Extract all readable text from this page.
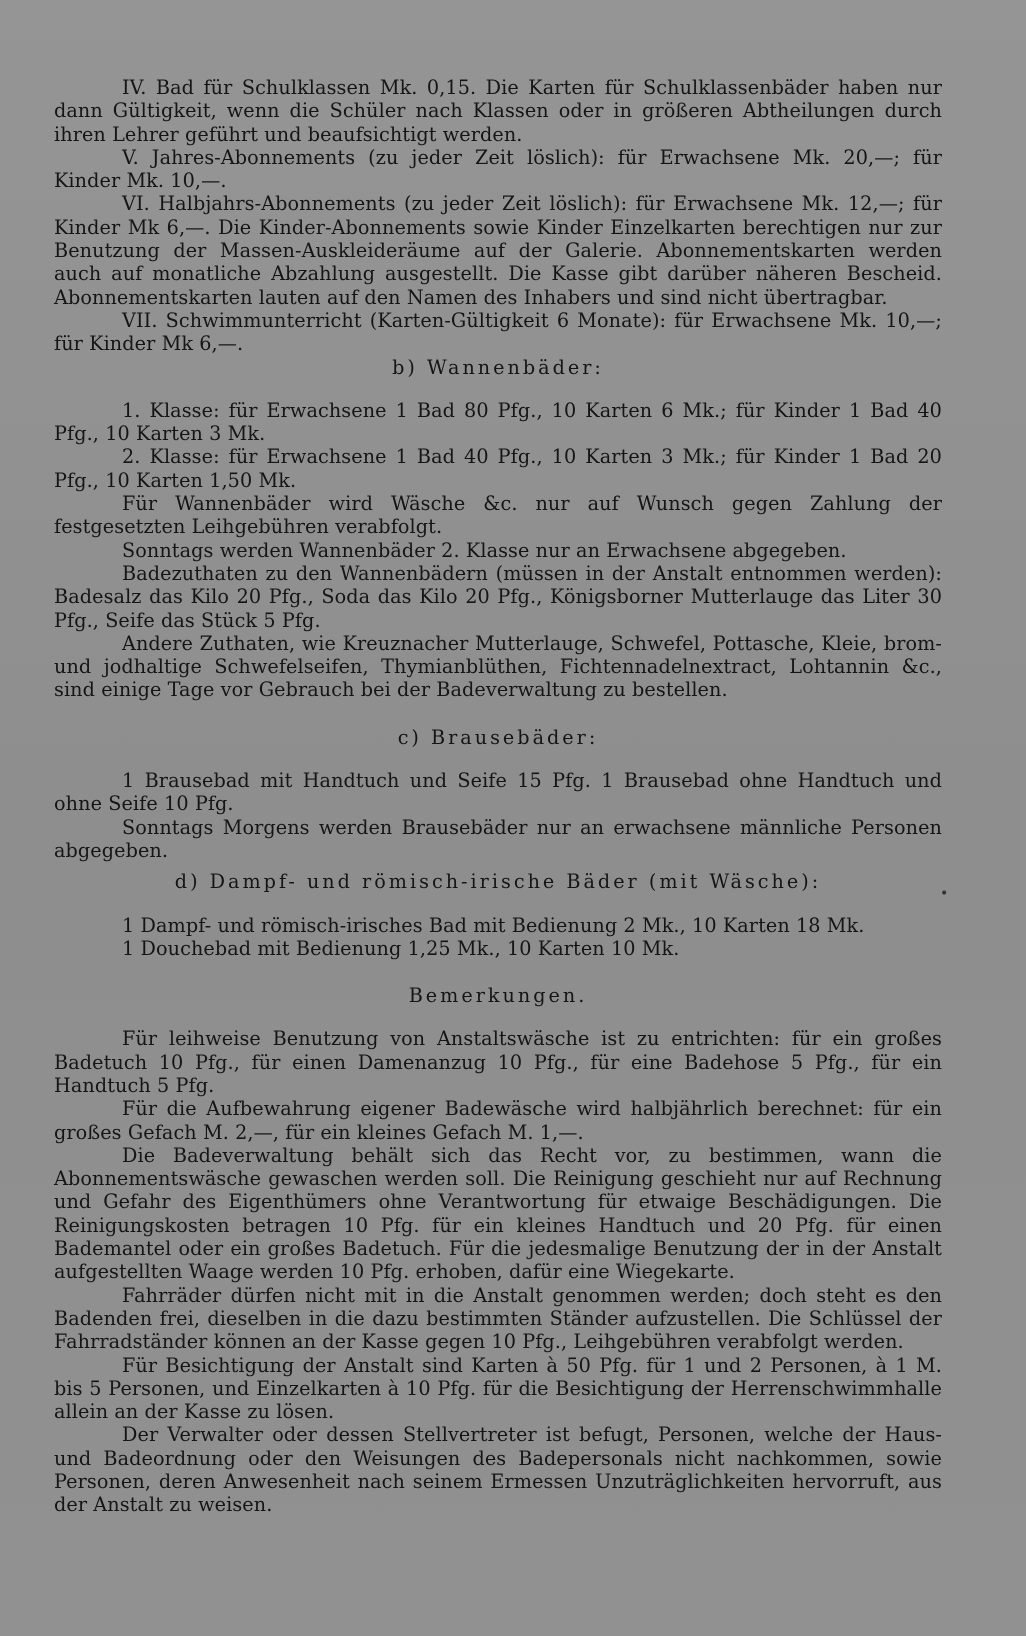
IV. Bad für Schulklassen Mk. 0,15. Die Karten für Schulklassenbäder haben nur dann Gültigkeit, wenn die Schüler nach Klassen oder in größeren Abtheilungen durch ihren Lehrer geführt und beaufsichtigt werden.

V. Jahres-Abonnements (zu jeder Zeit löslich): für Erwachsene Mk. 20,—; für Kinder Mk. 10,—.

VI. Halbjahrs-Abonnements (zu jeder Zeit löslich): für Erwachsene Mk. 12,—; für Kinder Mk 6,—. Die Kinder-Abonnements sowie Kinder Einzelkarten berechtigen nur zur Benutzung der Massen-Auskleideräume auf der Galerie. Abonnementskarten werden auch auf monatliche Abzahlung ausgestellt. Die Kasse gibt darüber näheren Bescheid. Abonnementskarten lauten auf den Namen des Inhabers und sind nicht übertragbar.

VII. Schwimmunterricht (Karten-Gültigkeit 6 Monate): für Erwachsene Mk. 10,—; für Kinder Mk 6,—.

b) Wannenbäder:

1. Klasse: für Erwachsene 1 Bad 80 Pfg., 10 Karten 6 Mk.; für Kinder 1 Bad 40 Pfg., 10 Karten 3 Mk.

2. Klasse: für Erwachsene 1 Bad 40 Pfg., 10 Karten 3 Mk.; für Kinder 1 Bad 20 Pfg., 10 Karten 1,50 Mk.

Für Wannenbäder wird Wäsche &c. nur auf Wunsch gegen Zahlung der festgesetzten Leihgebühren verabfolgt.

Sonntags werden Wannenbäder 2. Klasse nur an Erwachsene abgegeben.

Badezuthaten zu den Wannenbädern (müssen in der Anstalt entnommen werden): Badesalz das Kilo 20 Pfg., Soda das Kilo 20 Pfg., Königsborner Mutterlauge das Liter 30 Pfg., Seife das Stück 5 Pfg.

Andere Zuthaten, wie Kreuznacher Mutterlauge, Schwefel, Pottasche, Kleie, brom- und jodhaltige Schwefelseifen, Thymianblüthen, Fichtennadelnextract, Lohtannin &c., sind einige Tage vor Gebrauch bei der Badeverwaltung zu bestellen.

c) Brausebäder:

1 Brausebad mit Handtuch und Seife 15 Pfg. 1 Brausebad ohne Handtuch und ohne Seife 10 Pfg.

Sonntags Morgens werden Brausebäder nur an erwachsene männliche Personen abgegeben.

d) Dampf- und römisch-irische Bäder (mit Wäsche):

1 Dampf- und römisch-irisches Bad mit Bedienung 2 Mk., 10 Karten 18 Mk.

1 Douchebad mit Bedienung 1,25 Mk., 10 Karten 10 Mk.

Bemerkungen.

Für leihweise Benutzung von Anstaltswäsche ist zu entrichten: für ein großes Badetuch 10 Pfg., für einen Damenanzug 10 Pfg., für eine Badehose 5 Pfg., für ein Handtuch 5 Pfg.

Für die Aufbewahrung eigener Badewäsche wird halbjährlich berechnet: für ein großes Gefach M. 2,—, für ein kleines Gefach M. 1,—.

Die Badeverwaltung behält sich das Recht vor, zu bestimmen, wann die Abonnementswäsche gewaschen werden soll. Die Reinigung geschieht nur auf Rechnung und Gefahr des Eigenthümers ohne Verantwortung für etwaige Beschädigungen. Die Reinigungskosten betragen 10 Pfg. für ein kleines Handtuch und 20 Pfg. für einen Bademantel oder ein großes Badetuch. Für die jedesmalige Benutzung der in der Anstalt aufgestellten Waage werden 10 Pfg. erhoben, dafür eine Wiegekarte.

Fahrräder dürfen nicht mit in die Anstalt genommen werden; doch steht es den Badenden frei, dieselben in die dazu bestimmten Ständer aufzustellen. Die Schlüssel der Fahrradständer können an der Kasse gegen 10 Pfg., Leihgebühren verabfolgt werden.

Für Besichtigung der Anstalt sind Karten à 50 Pfg. für 1 und 2 Personen, à 1 M. bis 5 Personen, und Einzelkarten à 10 Pfg. für die Besichtigung der Herrenschwimmhalle allein an der Kasse zu lösen.

Der Verwalter oder dessen Stellvertreter ist befugt, Personen, welche der Haus- und Badeordnung oder den Weisungen des Badepersonals nicht nachkommen, sowie Personen, deren Anwesenheit nach seinem Ermessen Unzuträglichkeiten hervorruft, aus der Anstalt zu weisen.

•
